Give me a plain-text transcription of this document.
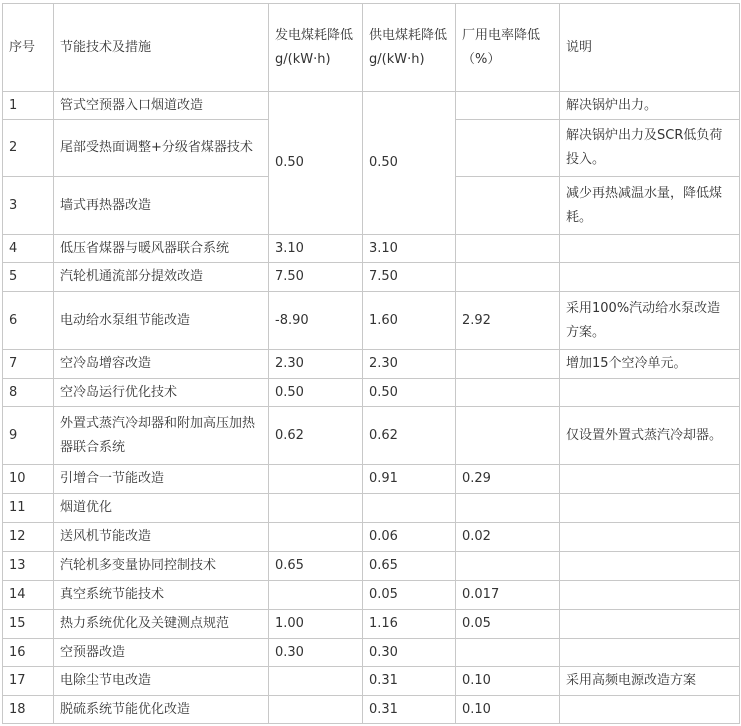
序号	节能技术及措施	发电煤耗降低g/(kW·h)	供电煤耗降低g/(kW·h)	厂用电率降低（%）	说明
1	管式空预器入口烟道改造	0.50	0.50		解决锅炉出力。
2	尾部受热面调整+分级省煤器技术				解决锅炉出力及SCR低负荷投入。
3	墙式再热器改造				减少再热减温水量，降低煤耗。
4	低压省煤器与暖风器联合系统	3.10	3.10		
5	汽轮机通流部分提效改造	7.50	7.50		
6	电动给水泵组节能改造	-8.90	1.60	2.92	采用100%汽动给水泵改造方案。
7	空冷岛增容改造	2.30	2.30		增加15个空冷单元。
8	空冷岛运行优化技术	0.50	0.50		
9	外置式蒸汽冷却器和附加高压加热器联合系统	0.62	0.62		仅设置外置式蒸汽冷却器。
10	引增合一节能改造		0.91	0.29	
11	烟道优化				
12	送风机节能改造		0.06	0.02	
13	汽轮机多变量协同控制技术	0.65	0.65		
14	真空系统节能技术		0.05	0.017	
15	热力系统优化及关键测点规范	1.00	1.16	0.05	
16	空预器改造	0.30	0.30		
17	电除尘节电改造		0.31	0.10	采用高频电源改造方案
18	脱硫系统节能优化改造		0.31	0.10	
